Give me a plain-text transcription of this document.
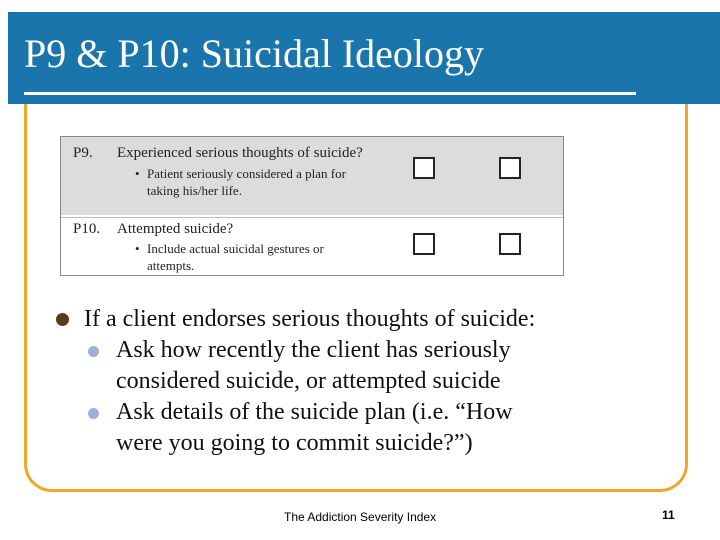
P9 & P10: Suicidal Ideology
P9. Experienced serious thoughts of suicide?
• Patient seriously considered a plan for
taking his/her life.
P10. Attempted suicide?
• Include actual suicidal gestures or
attempts.
If a client endorses serious thoughts of suicide:
Ask how recently the client has seriously
considered suicide, or attempted suicide
Ask details of the suicide plan (i.e. “How
were you going to commit suicide?”)
The Addiction Severity Index	11
